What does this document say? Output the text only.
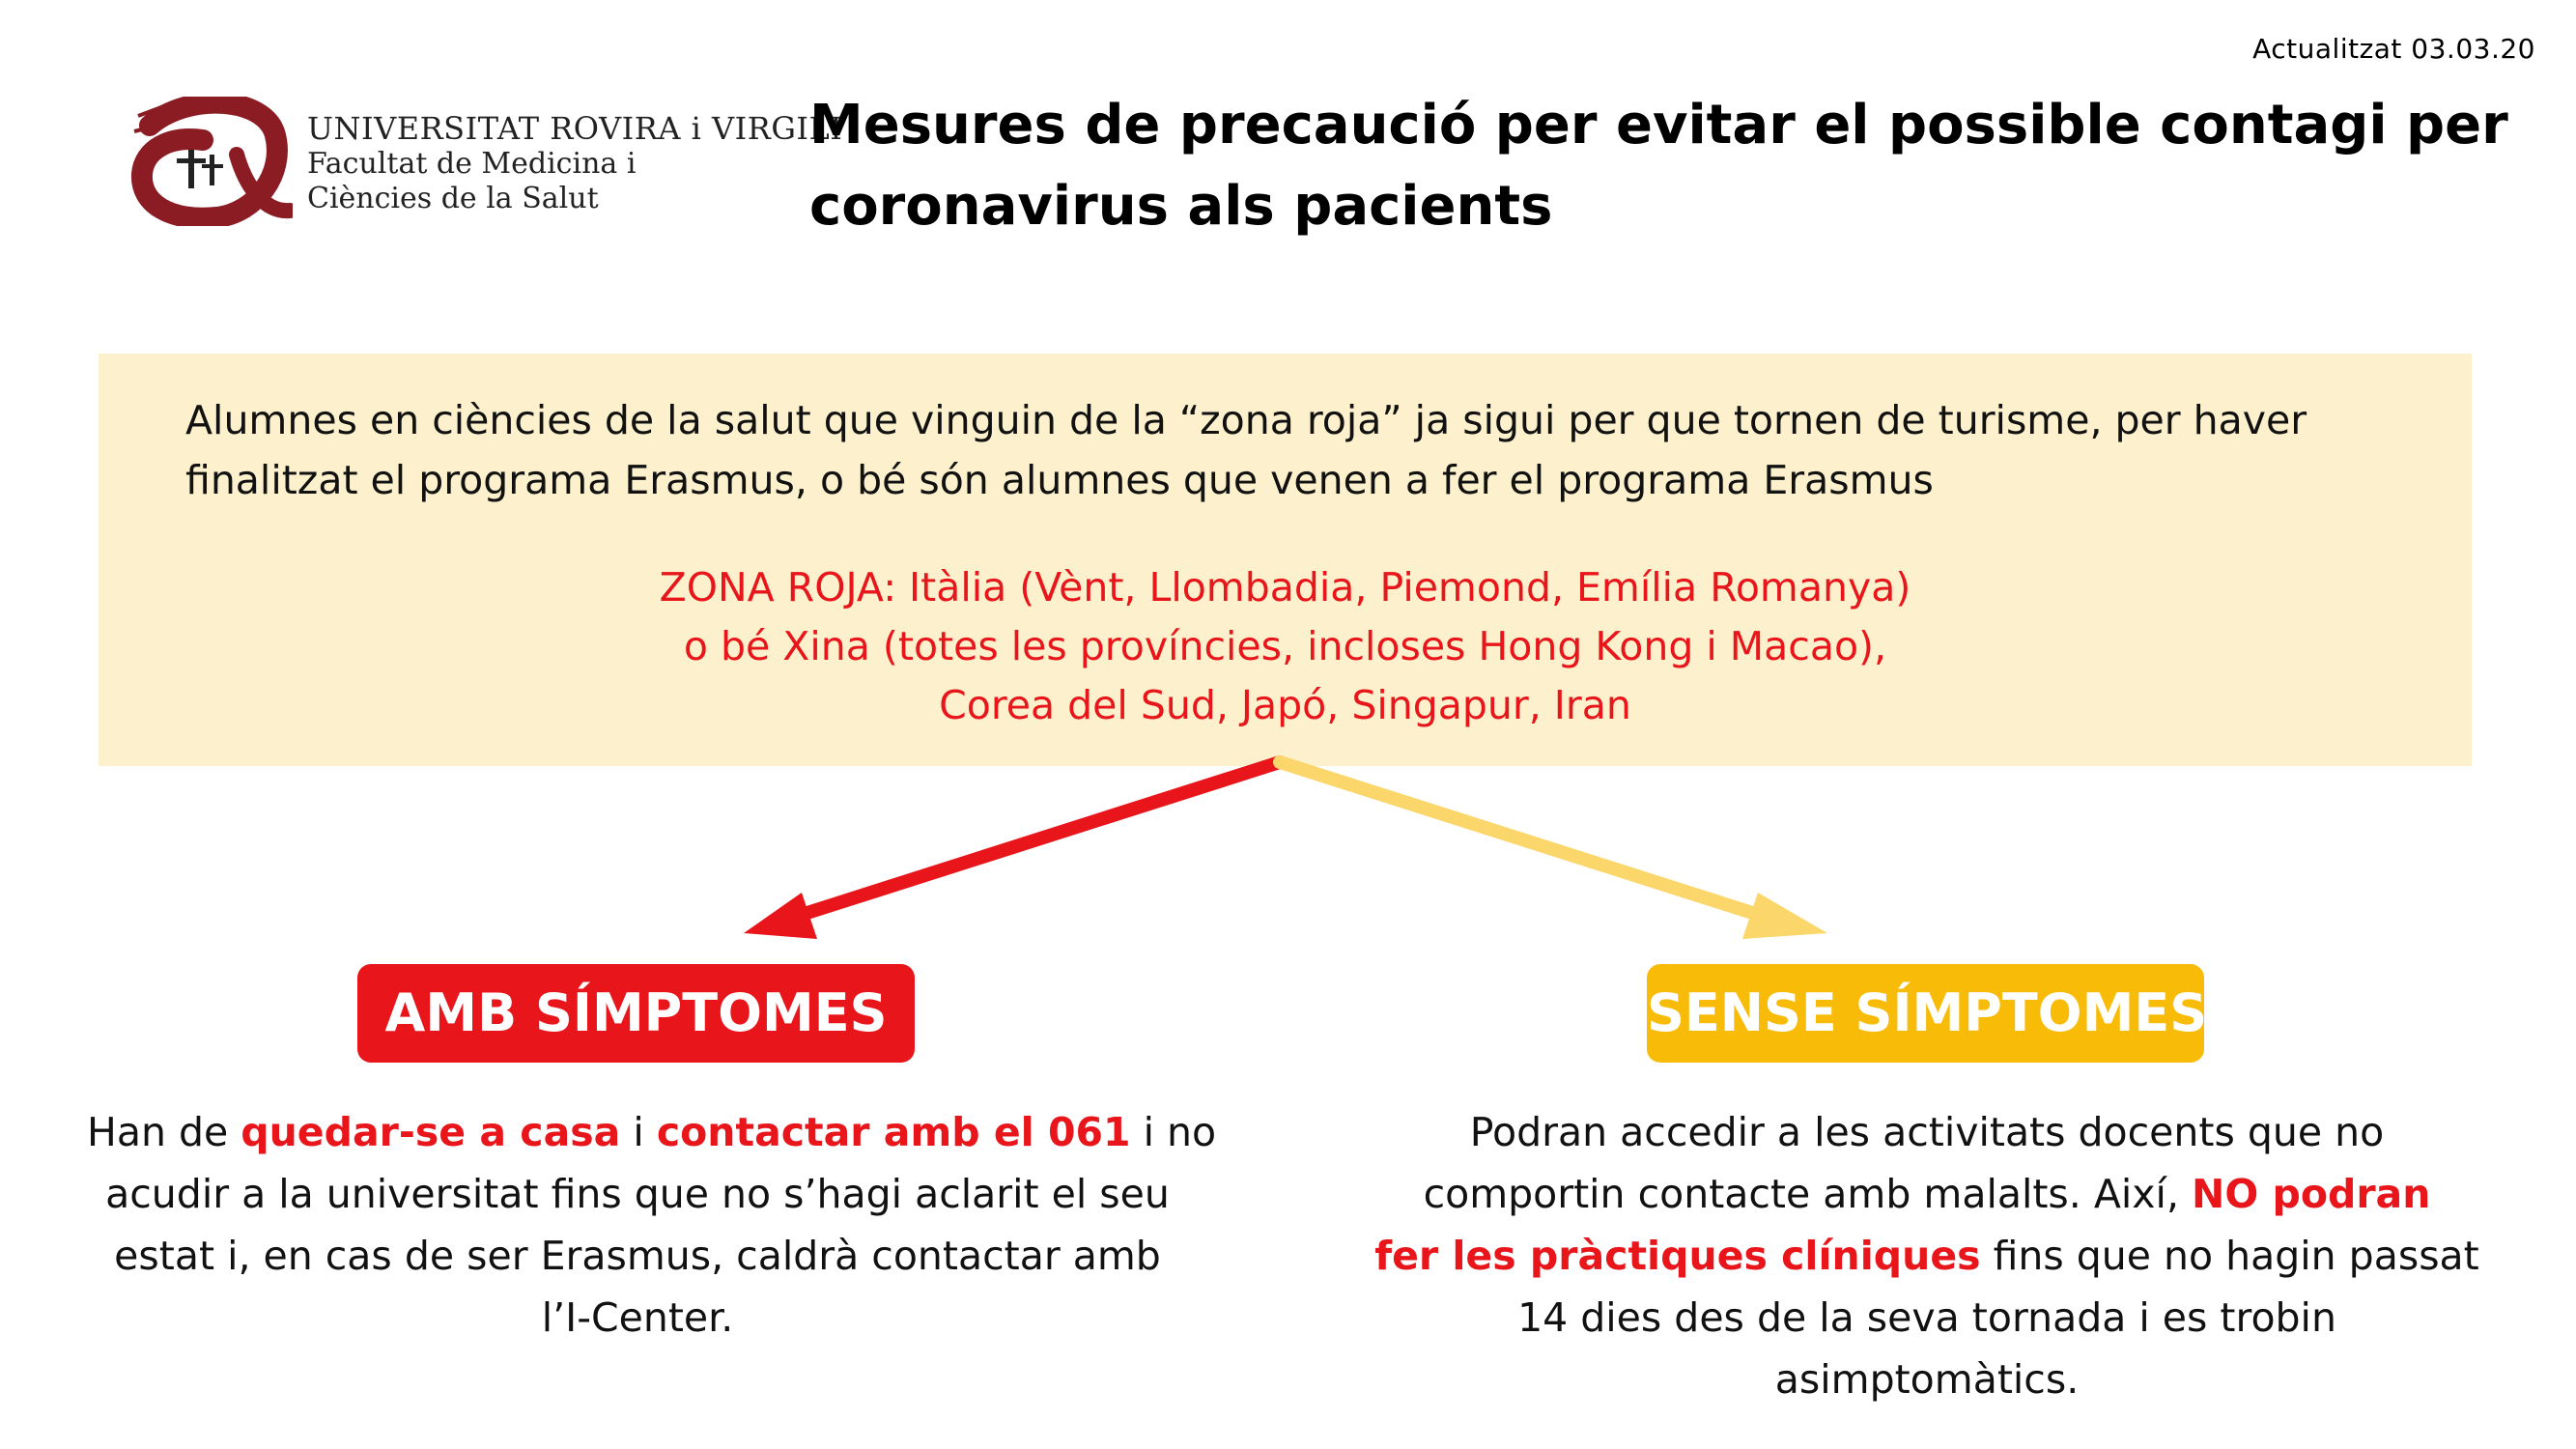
Actualitzat 03.03.20
UNIVERSITAT ROVIRA i VIRGILI
Facultat de Medicina i
Ciències de la Salut
Mesures de precaució per evitar el possible contagi per
coronavirus als pacients
Alumnes en ciències de la salut que vinguin de la “zona roja” ja sigui per que tornen de turisme, per haver
finalitzat el programa Erasmus, o bé són alumnes que venen a fer el programa Erasmus
ZONA ROJA: Itàlia (Vènt, Llombadia, Piemond, Emília Romanya)
o bé Xina (totes les províncies, incloses Hong Kong i Macao),
Corea del Sud, Japó, Singapur, Iran
AMB SÍMPTOMES	SENSE SÍMPTOMES
Han de quedar-se a casa i contactar amb el 061 i no
acudir a la universitat fins que no s’hagi aclarit el seu
estat i, en cas de ser Erasmus, caldrà contactar amb
l’I-Center.
Podran accedir a les activitats docents que no
comportin contacte amb malalts. Així, NO podran
fer les pràctiques clíniques fins que no hagin passat
14 dies des de la seva tornada i es trobin
asimptomàtics.
